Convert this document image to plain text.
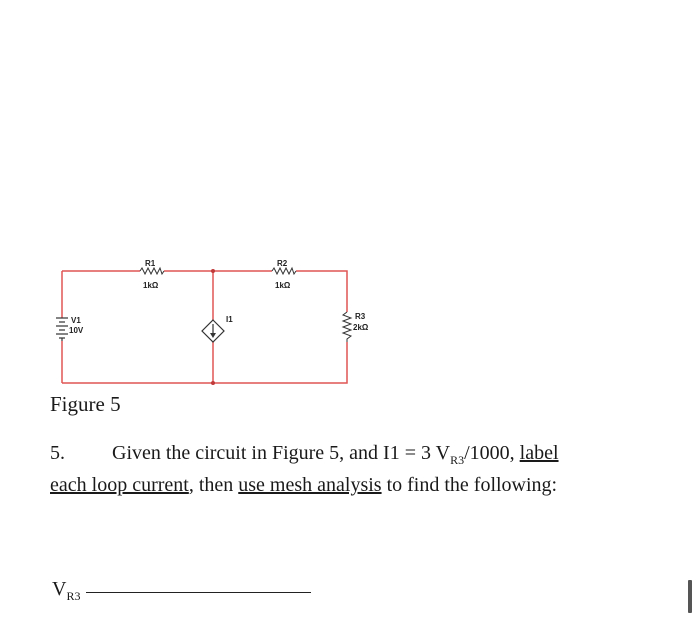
R1
1kΩ
R2
1kΩ
R3
2kΩ
V1
10V
I1
Figure 5

5. Given the circuit in Figure 5, and I1 = 3 $V_{R3}/1000$, label

each loop current, then use mesh analysis to find the following:

$V_{R3}$
